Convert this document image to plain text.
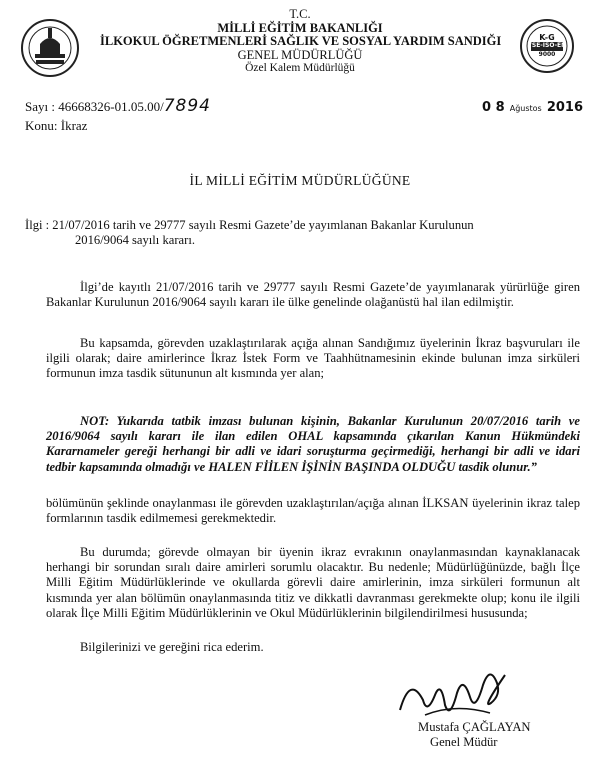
K-G
TSE-ISO-EN
9000
T.C.
MİLLİ EĞİTİM BAKANLIĞI
İLKOKUL ÖĞRETMENLERİ SAĞLIK VE SOSYAL YARDIM SANDIĞI
GENEL MÜDÜRLÜĞÜ
Özel Kalem Müdürlüğü
Sayı : 46668326-01.05.00/7894
Konu: İkraz
0 8 Ağustos 2016
İL MİLLİ EĞİTİM MÜDÜRLÜĞÜNE
İlgi : 21/07/2016 tarih ve 29777 sayılı Resmi Gazete’de yayımlanan Bakanlar Kurulunun
2016/9064 sayılı kararı.
İlgi’de kayıtlı 21/07/2016 tarih ve 29777 sayılı Resmi Gazete’de yayımlanarak yürürlüğe giren Bakanlar Kurulunun 2016/9064 sayılı kararı ile ülke genelinde olağanüstü hal ilan edilmiştir.
Bu kapsamda, görevden uzaklaştırılarak açığa alınan Sandığımız üyelerinin İkraz başvuruları ile ilgili olarak; daire amirlerince İkraz İstek Form ve Taahhütnamesinin ekinde bulunan imza sirküleri formunun imza tasdik sütununun alt kısmında yer alan;
NOT: Yukarıda tatbik imzası bulunan kişinin, Bakanlar Kurulunun 20/07/2016 tarih ve 2016/9064 sayılı kararı ile ilan edilen OHAL kapsamında çıkarılan Kanun Hükmündeki Kararnameler gereği herhangi bir adli ve idari soruşturma geçirmediği, herhangi bir adli ve idari tedbir kapsamında olmadığı ve HALEN FİİLEN İŞİNİN BAŞINDA OLDUĞU tasdik olunur.”
bölümünün şeklinde onaylanması ile görevden uzaklaştırılan/açığa alınan İLKSAN üyelerinin ikraz talep formlarının tasdik edilmemesi gerekmektedir.
Bu durumda; görevde olmayan bir üyenin ikraz evrakının onaylanmasından kaynaklanacak herhangi bir sorundan sıralı daire amirleri sorumlu olacaktır. Bu nedenle; Müdürlüğünüzde, bağlı İlçe Milli Eğitim Müdürlüklerinde ve okullarda görevli daire amirlerinin, imza sirküleri formunun alt kısmında yer alan bölümün onaylanmasında titiz ve dikkatli davranması gerekmekte olup; konu ile ilgili olarak İlçe Milli Eğitim Müdürlüklerinin ve Okul Müdürlüklerinin bilgilendirilmesi hususunda;
Bilgilerinizi ve gereğini rica ederim.
Mustafa ÇAĞLAYAN
Genel Müdür
